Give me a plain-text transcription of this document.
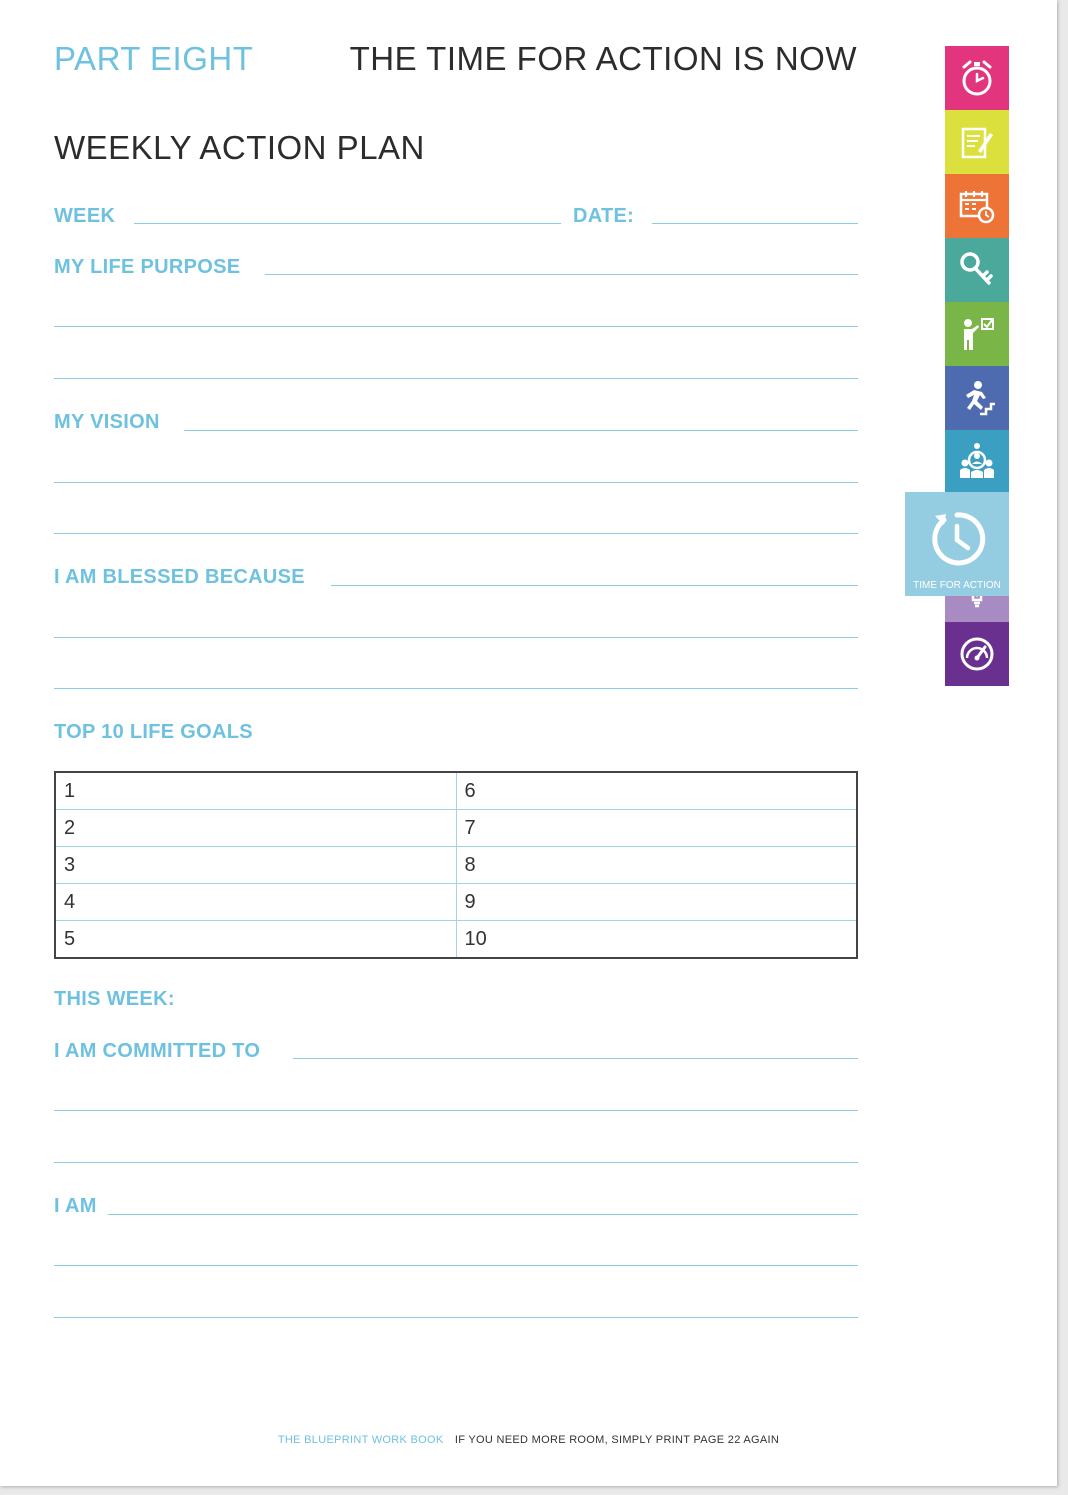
PART EIGHT	THE TIME FOR ACTION IS NOW
WEEKLY ACTION PLAN
WEEK	DATE:
MY LIFE PURPOSE
MY VISION
I AM BLESSED BECAUSE
TOP 10 LIFE GOALS
1	6
2	7
3	8
4	9
5	10
THIS WEEK:
I AM COMMITTED TO
I AM
THE BLUEPRINT WORK BOOK IF YOU NEED MORE ROOM, SIMPLY PRINT PAGE 22 AGAIN
TIME FOR ACTION
